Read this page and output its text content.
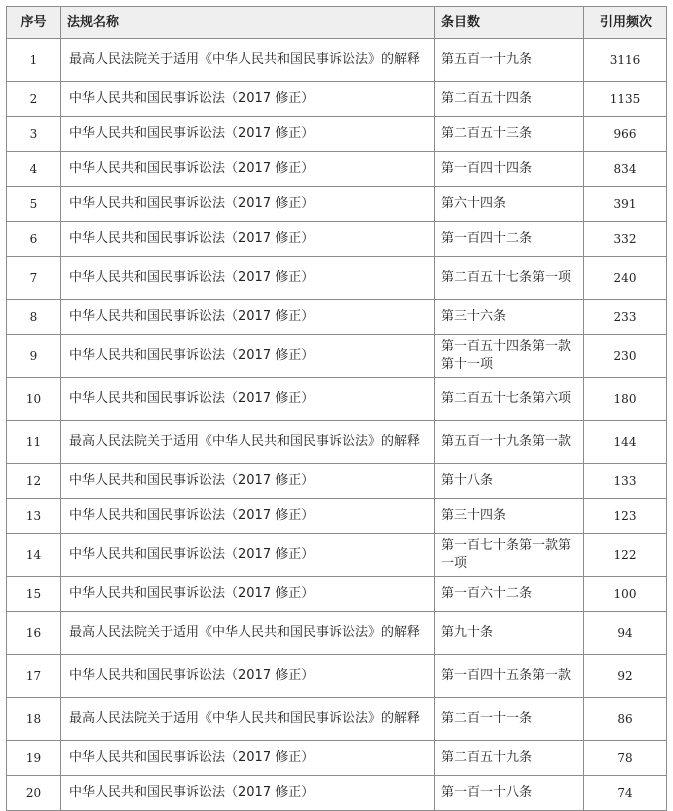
序号	法规名称	条目数	引用频次
1	最高人民法院关于适用《中华人民共和国民事诉讼法》的解释	第五百一十九条	3116
2	中华人民共和国民事诉讼法（2017 修正）	第二百五十四条	1135
3	中华人民共和国民事诉讼法（2017 修正）	第二百五十三条	966
4	中华人民共和国民事诉讼法（2017 修正）	第一百四十四条	834
5	中华人民共和国民事诉讼法（2017 修正）	第六十四条	391
6	中华人民共和国民事诉讼法（2017 修正）	第一百四十二条	332
7	中华人民共和国民事诉讼法（2017 修正）	第二百五十七条第一项	240
8	中华人民共和国民事诉讼法（2017 修正）	第三十六条	233
9	中华人民共和国民事诉讼法（2017 修正）	第一百五十四条第一款第十一项	230
10	中华人民共和国民事诉讼法（2017 修正）	第二百五十七条第六项	180
11	最高人民法院关于适用《中华人民共和国民事诉讼法》的解释	第五百一十九条第一款	144
12	中华人民共和国民事诉讼法（2017 修正）	第十八条	133
13	中华人民共和国民事诉讼法（2017 修正）	第三十四条	123
14	中华人民共和国民事诉讼法（2017 修正）	第一百七十条第一款第一项	122
15	中华人民共和国民事诉讼法（2017 修正）	第一百六十二条	100
16	最高人民法院关于适用《中华人民共和国民事诉讼法》的解释	第九十条	94
17	中华人民共和国民事诉讼法（2017 修正）	第一百四十五条第一款	92
18	最高人民法院关于适用《中华人民共和国民事诉讼法》的解释	第二百一十一条	86
19	中华人民共和国民事诉讼法（2017 修正）	第二百五十九条	78
20	中华人民共和国民事诉讼法（2017 修正）	第一百一十八条	74
